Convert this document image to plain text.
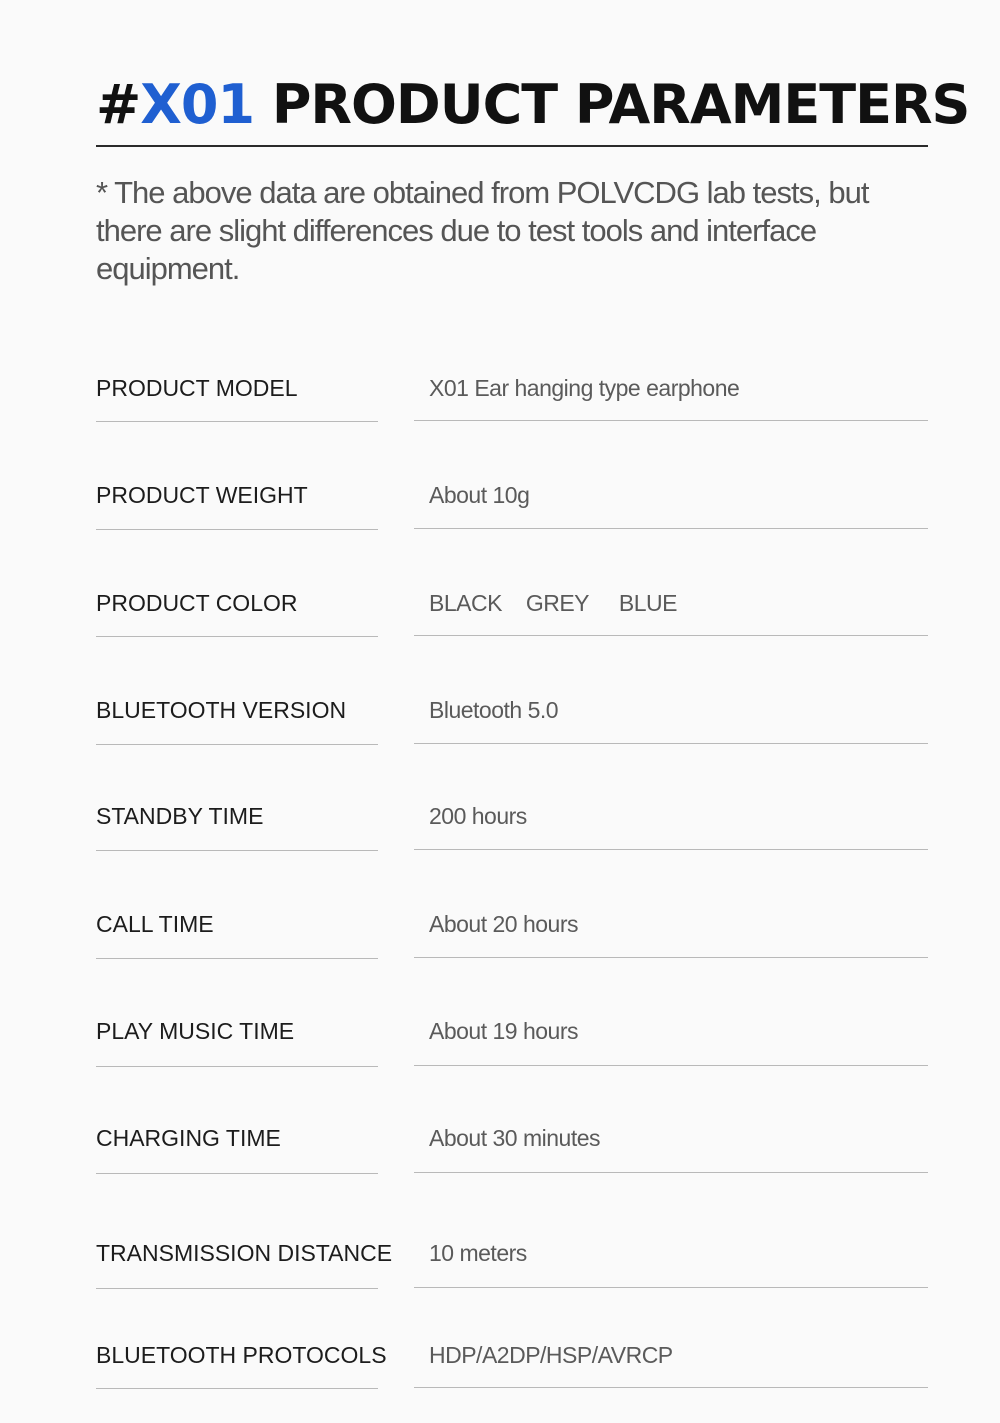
#X01 PRODUCT PARAMETERS

* The above data are obtained from POLVCDG lab tests, but there are slight differences due to test tools and interface equipment.

PRODUCT MODEL	X01 Ear hanging type earphone
PRODUCT WEIGHT	About 10g
PRODUCT COLOR	BLACK GREY BLUE
BLUETOOTH VERSION	Bluetooth 5.0
STANDBY TIME	200 hours
CALL TIME	About 20 hours
PLAY MUSIC TIME	About 19 hours
CHARGING TIME	About 30 minutes
TRANSMISSION DISTANCE 10 meters
BLUETOOTH PROTOCOLS HDP/A2DP/HSP/AVRCP
